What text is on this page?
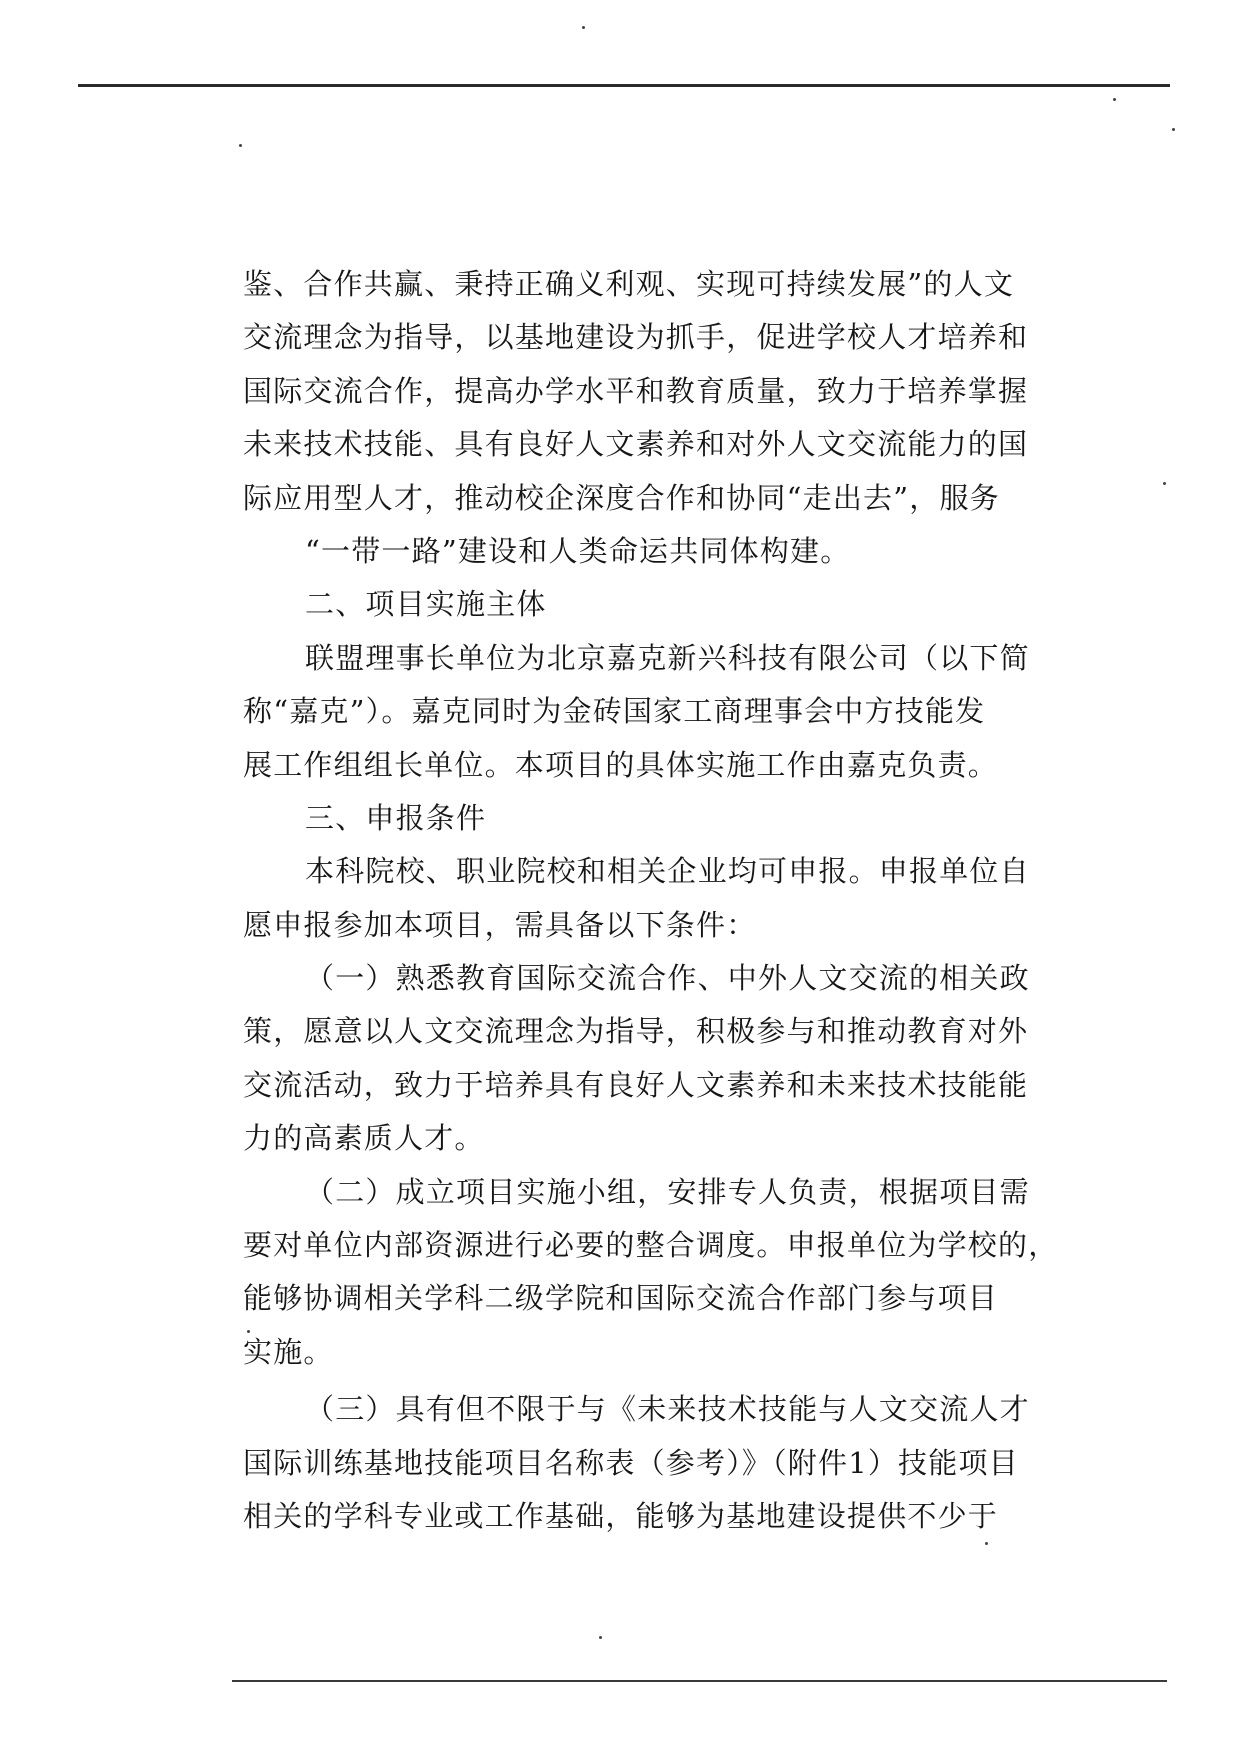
鉴、合作共赢、秉持正确义利观、实现可持续发展”的人文
交流理念为指导，以基地建设为抓手，促进学校人才培养和
国际交流合作，提高办学水平和教育质量，致力于培养掌握
未来技术技能、具有良好人文素养和对外人文交流能力的国
际应用型人才，推动校企深度合作和协同“走出去”，服务
“一带一路”建设和人类命运共同体构建。
二、项目实施主体
联盟理事长单位为北京嘉克新兴科技有限公司（以下简
称“嘉克”）。嘉克同时为金砖国家工商理事会中方技能发
展工作组组长单位。本项目的具体实施工作由嘉克负责。
三、申报条件
本科院校、职业院校和相关企业均可申报。申报单位自
愿申报参加本项目，需具备以下条件：
（一）熟悉教育国际交流合作、中外人文交流的相关政
策，愿意以人文交流理念为指导，积极参与和推动教育对外
交流活动，致力于培养具有良好人文素养和未来技术技能能
力的高素质人才。
（二）成立项目实施小组，安排专人负责，根据项目需
要对单位内部资源进行必要的整合调度。申报单位为学校的，
能够协调相关学科二级学院和国际交流合作部门参与项目
实施。
（三）具有但不限于与《未来技术技能与人文交流人才
国际训练基地技能项目名称表（参考）》（附件1）技能项目
相关的学科专业或工作基础，能够为基地建设提供不少于
